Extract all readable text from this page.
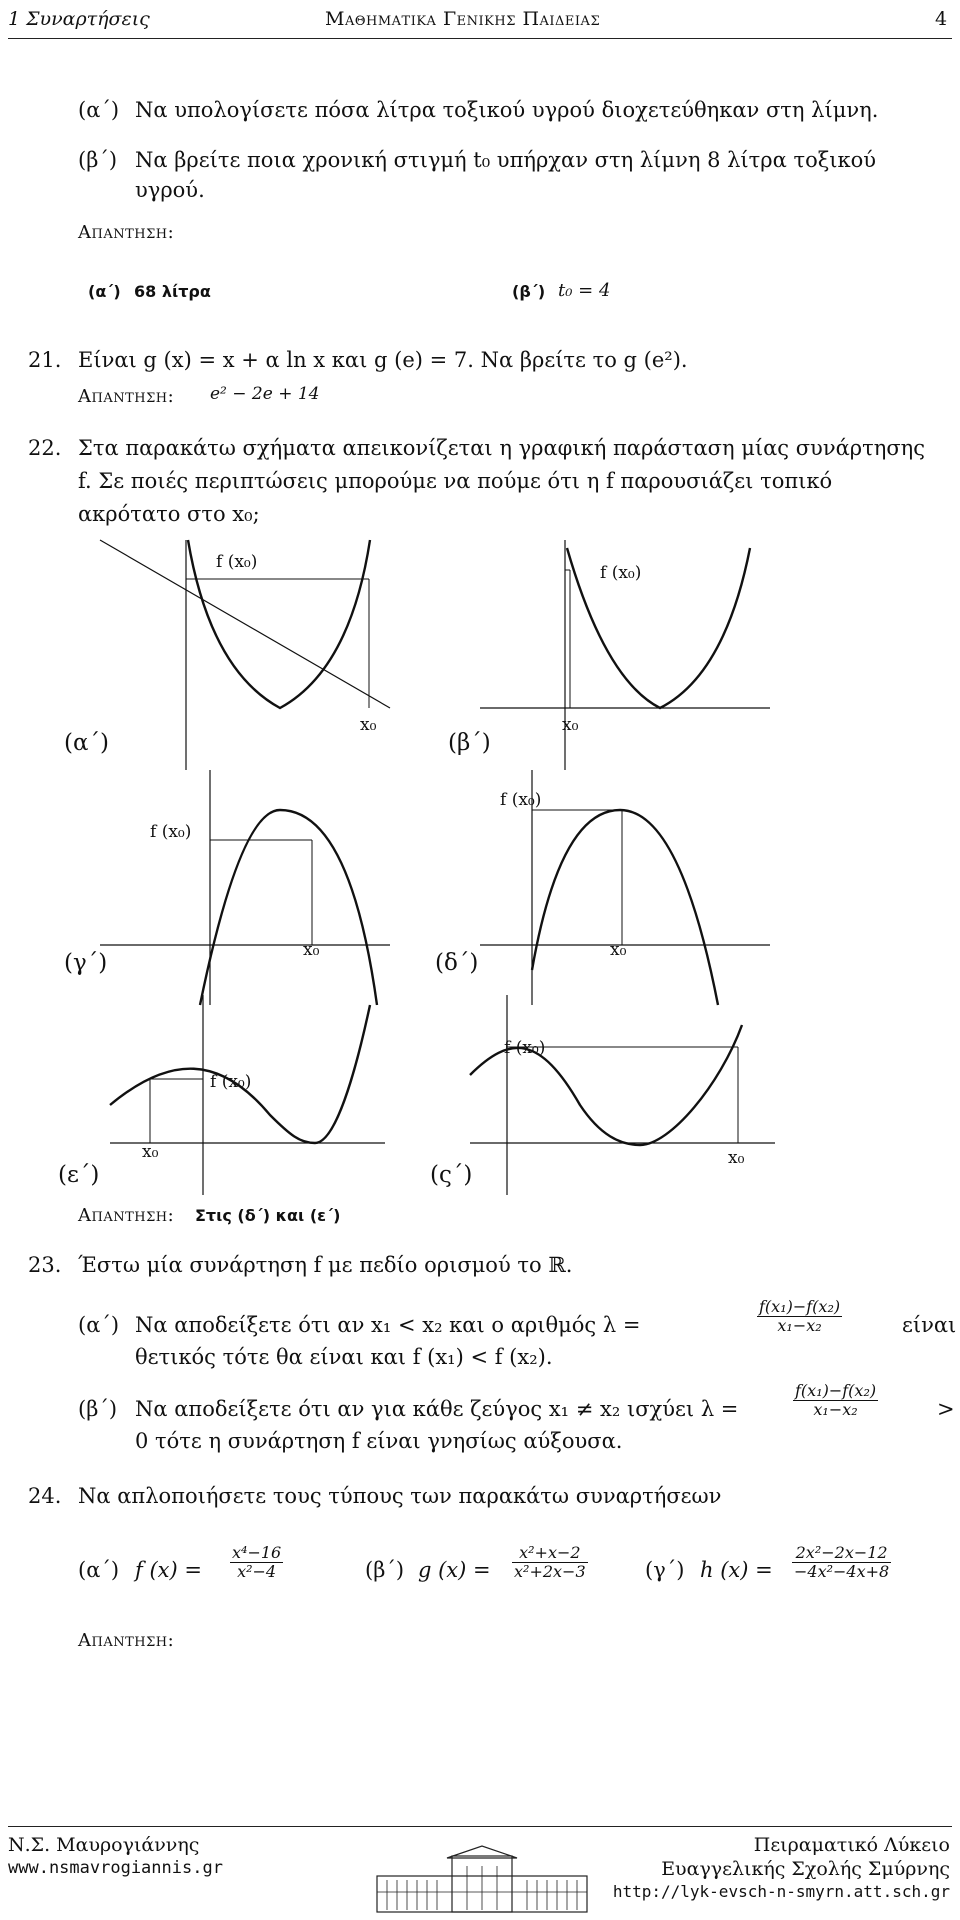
1 Συναρτήσεις	Μαθηματικα Γενικης Παιδειας	4
(α΄) Να υπολογίσετε πόσα λίτρα τοξικού υγρού διοχετεύθηκαν στη λίμνη.
(β΄) Να βρείτε ποια χρονική στιγμή t₀ υπήρχαν στη λίμνη 8 λίτρα τοξικού
υγρού.
Απαντηση:
(α΄) 68 λίτρα	(β΄) t₀ = 4
21. Είναι g (x) = x + α ln x και g (e) = 7. Να βρείτε το g (e²).
Απαντηση: e² − 2e + 14
22. Στα παρακάτω σχήματα απεικονίζεται η γραφική παράσταση μίας συνάρτησης
f. Σε ποιές περιπτώσεις μπορούμε να πούμε ότι η f παρουσιάζει τοπικό
ακρότατο στο x₀;
f (x₀)
x₀
(α΄)
f (x₀)
x₀
(β΄)
f (x₀)
x₀
(γ΄)
f (x₀)
x₀
(δ΄)
f (x₀)
x₀
(ε΄)
f (x₀)
x₀
(ς΄)
Απαντηση: Στις (δ΄) και (ε΄)
23. Έστω μία συνάρτηση f με πεδίο ορισμού το ℝ.
(α΄) Να αποδείξετε ότι αν x₁ < x₂ και ο αριθμός λ =	$\frac{\text{f(x₁)−f(x₂)}}{\text{x₁−x₂}}$	είναι
θετικός τότε θα είναι και f (x₁) < f (x₂).
(β΄) Να αποδείξετε ότι αν για κάθε ζεύγος x₁ ≠ x₂ ισχύει λ =	$\frac{\text{f(x₁)−f(x₂)}}{\text{x₁−x₂}}$	>
0 τότε η συνάρτηση f είναι γνησίως αύξουσα.
24. Να απλοποιήσετε τους τύπους των παρακάτω συναρτήσεων
(α΄) f $(x) = \frac{\text{x⁴−16}}{\text{x²−4}}$	(β΄) g $(x) = \frac{\text{x²+x−2}}{\text{x²+2x−3}}$	(γ΄) h $(x) = \frac{\text{2x²−2x−12}}{\text{−4x²−4x+8}}$
Απαντηση:
Ν.Σ. Μαυρογιάννης
www.nsmavrogiannis.gr
Πειραματικό Λύκειο
Ευαγγελικής Σχολής Σμύρνης
http://lyk-evsch-n-smyrn.att.sch.gr
